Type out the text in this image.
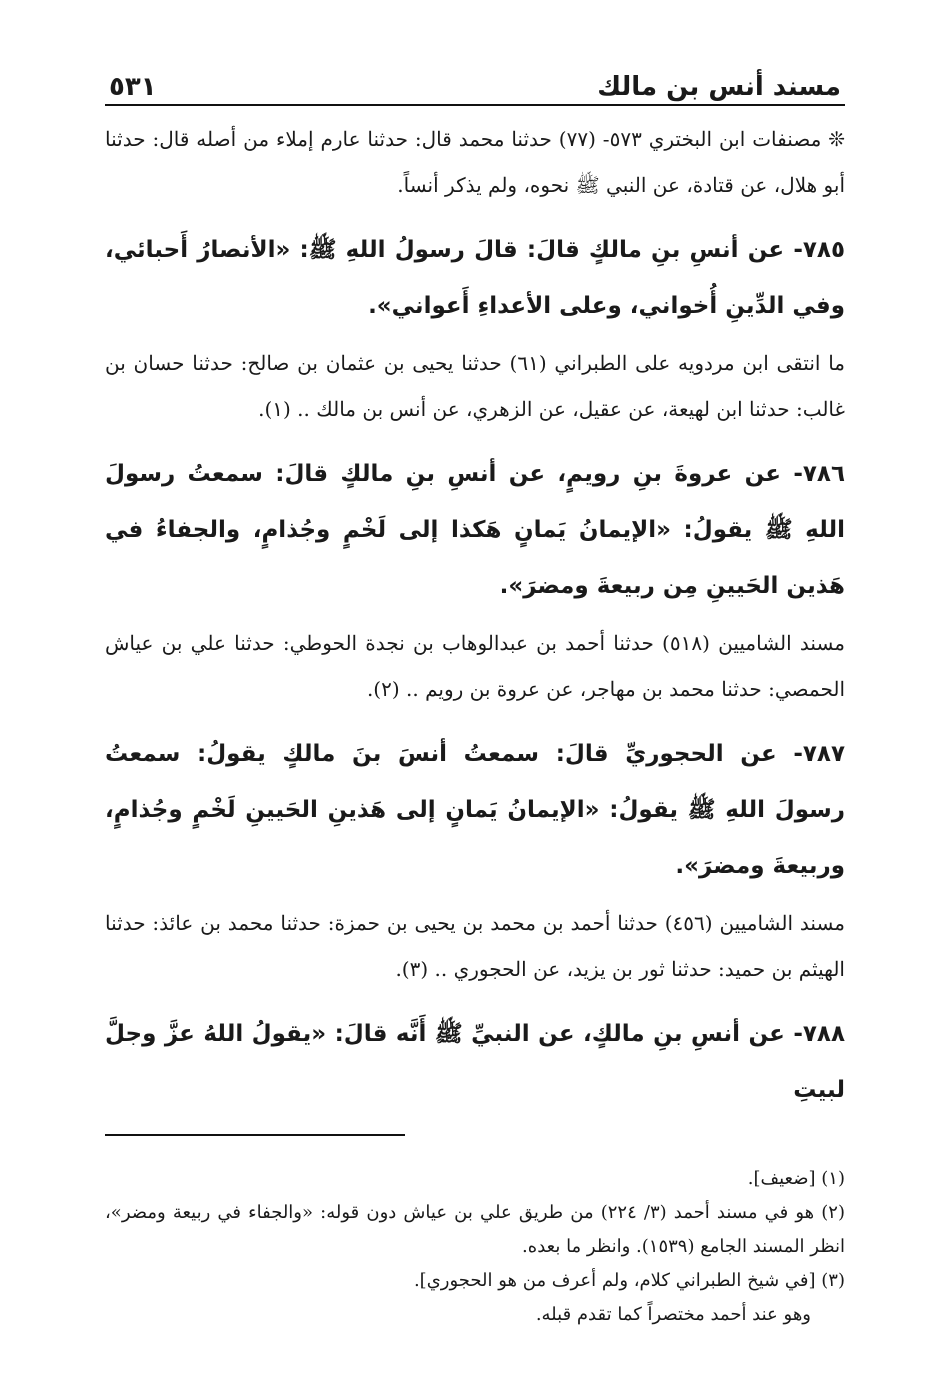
مسند أنس بن مالك
٥٣١

❊ مصنفات ابن البختري ٥٧٣- (٧٧) حدثنا محمد قال: حدثنا عارم إملاء من أصله قال: حدثنا أبو هلال، عن قتادة، عن النبي ﷺ نحوه، ولم يذكر أنساً.

٧٨٥- عن أنسِ بنِ مالكٍ قالَ: قالَ رسولُ اللهِ ﷺ: «الأنصارُ أَحبائي، وفي الدِّينِ أُخواني، وعلى الأعداءِ أَعواني».

ما انتقى ابن مردويه على الطبراني (٦١) حدثنا يحيى بن عثمان بن صالح: حدثنا حسان بن غالب: حدثنا ابن لهيعة، عن عقيل، عن الزهري، عن أنس بن مالك .. (١).

٧٨٦- عن عروةَ بنِ رويمٍ، عن أنسِ بنِ مالكٍ قالَ: سمعتُ رسولَ اللهِ ﷺ يقولُ: «الإيمانُ يَمانٍ هَكذا إلى لَخْمٍ وجُذامٍ، والجفاءُ في هَذين الحَيينِ مِن ربيعةَ ومضرَ».

مسند الشاميين (٥١٨) حدثنا أحمد بن عبدالوهاب بن نجدة الحوطي: حدثنا علي بن عياش الحمصي: حدثنا محمد بن مهاجر، عن عروة بن رويم .. (٢).

٧٨٧- عن الحجوريِّ قالَ: سمعتُ أنسَ بنَ مالكٍ يقولُ: سمعتُ رسولَ اللهِ ﷺ يقولُ: «الإيمانُ يَمانٍ إلى هَذينِ الحَيينِ لَخْمٍ وجُذامٍ، وربيعةَ ومضرَ».

مسند الشاميين (٤٥٦) حدثنا أحمد بن محمد بن يحيى بن حمزة: حدثنا محمد بن عائذ: حدثنا الهيثم بن حميد: حدثنا ثور بن يزيد، عن الحجوري .. (٣).

٧٨٨- عن أنسِ بنِ مالكٍ، عن النبيِّ ﷺ أَنَّه قالَ: «يقولُ اللهُ عزَّ وجلَّ لبيتِ

(١) [ضعيف].

(٢) هو في مسند أحمد (٣/ ٢٢٤) من طريق علي بن عياش دون قوله: «والجفاء في ربيعة ومضر»، انظر المسند الجامع (١٥٣٩). وانظر ما بعده.

(٣) [في شيخ الطبراني كلام، ولم أعرف من هو الحجوري].

وهو عند أحمد مختصراً كما تقدم قبله.
